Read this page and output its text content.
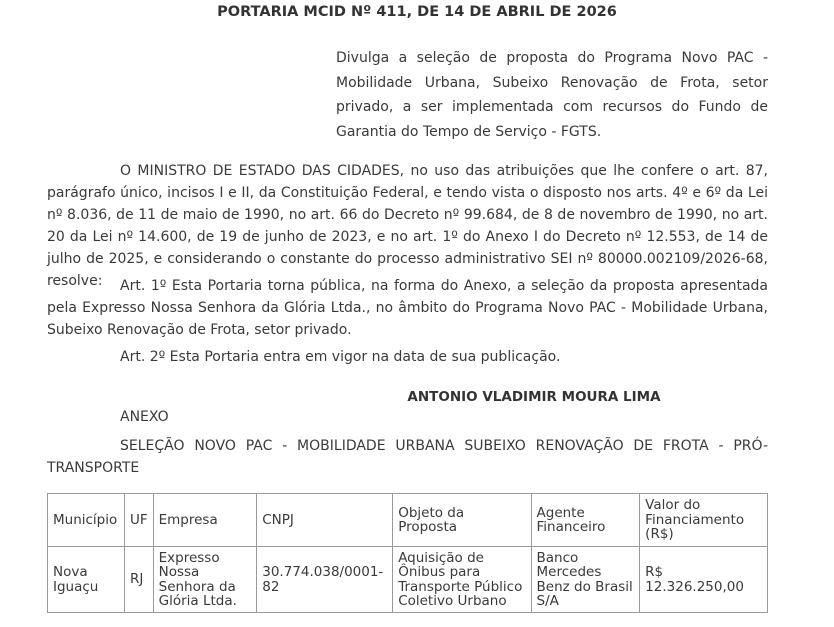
PORTARIA MCID Nº 411, DE 14 DE ABRIL DE 2026
Divulga a seleção de proposta do Programa Novo PAC - Mobilidade Urbana, Subeixo Renovação de Frota, setor privado, a ser implementada com recursos do Fundo de Garantia do Tempo de Serviço - FGTS.
O MINISTRO DE ESTADO DAS CIDADES, no uso das atribuições que lhe confere o art. 87, parágrafo único, incisos I e II, da Constituição Federal, e tendo vista o disposto nos arts. 4º e 6º da Lei nº 8.036, de 11 de maio de 1990, no art. 66 do Decreto nº 99.684, de 8 de novembro de 1990, no art. 20 da Lei nº 14.600, de 19 de junho de 2023, e no art. 1º do Anexo I do Decreto nº 12.553, de 14 de julho de 2025, e considerando o constante do processo administrativo SEI nº 80000.002109/2026-68, resolve:	Art. 1º Esta Portaria torna pública, na forma do Anexo, a seleção da proposta apresentada pela Expresso Nossa Senhora da Glória Ltda., no âmbito do Programa Novo PAC - Mobilidade Urbana, Subeixo Renovação de Frota, setor privado.
Art. 2º Esta Portaria entra em vigor na data de sua publicação.
ANTONIO VLADIMIR MOURA LIMA
ANEXO
SELEÇÃO NOVO PAC - MOBILIDADE URBANA SUBEIXO RENOVAÇÃO DE FROTA - PRÓ-TRANSPORTE
Município	UF	Empresa	CNPJ	Objeto da Proposta	Agente Financeiro	Valor do Financiamento (R$)
Nova Iguaçu	RJ	Expresso Nossa Senhora da Glória Ltda.	30.774.038/0001-82	Aquisição de Ônibus para Transporte Público Coletivo Urbano	Banco Mercedes Benz do Brasil S/A	R$ 12.326.250,00
